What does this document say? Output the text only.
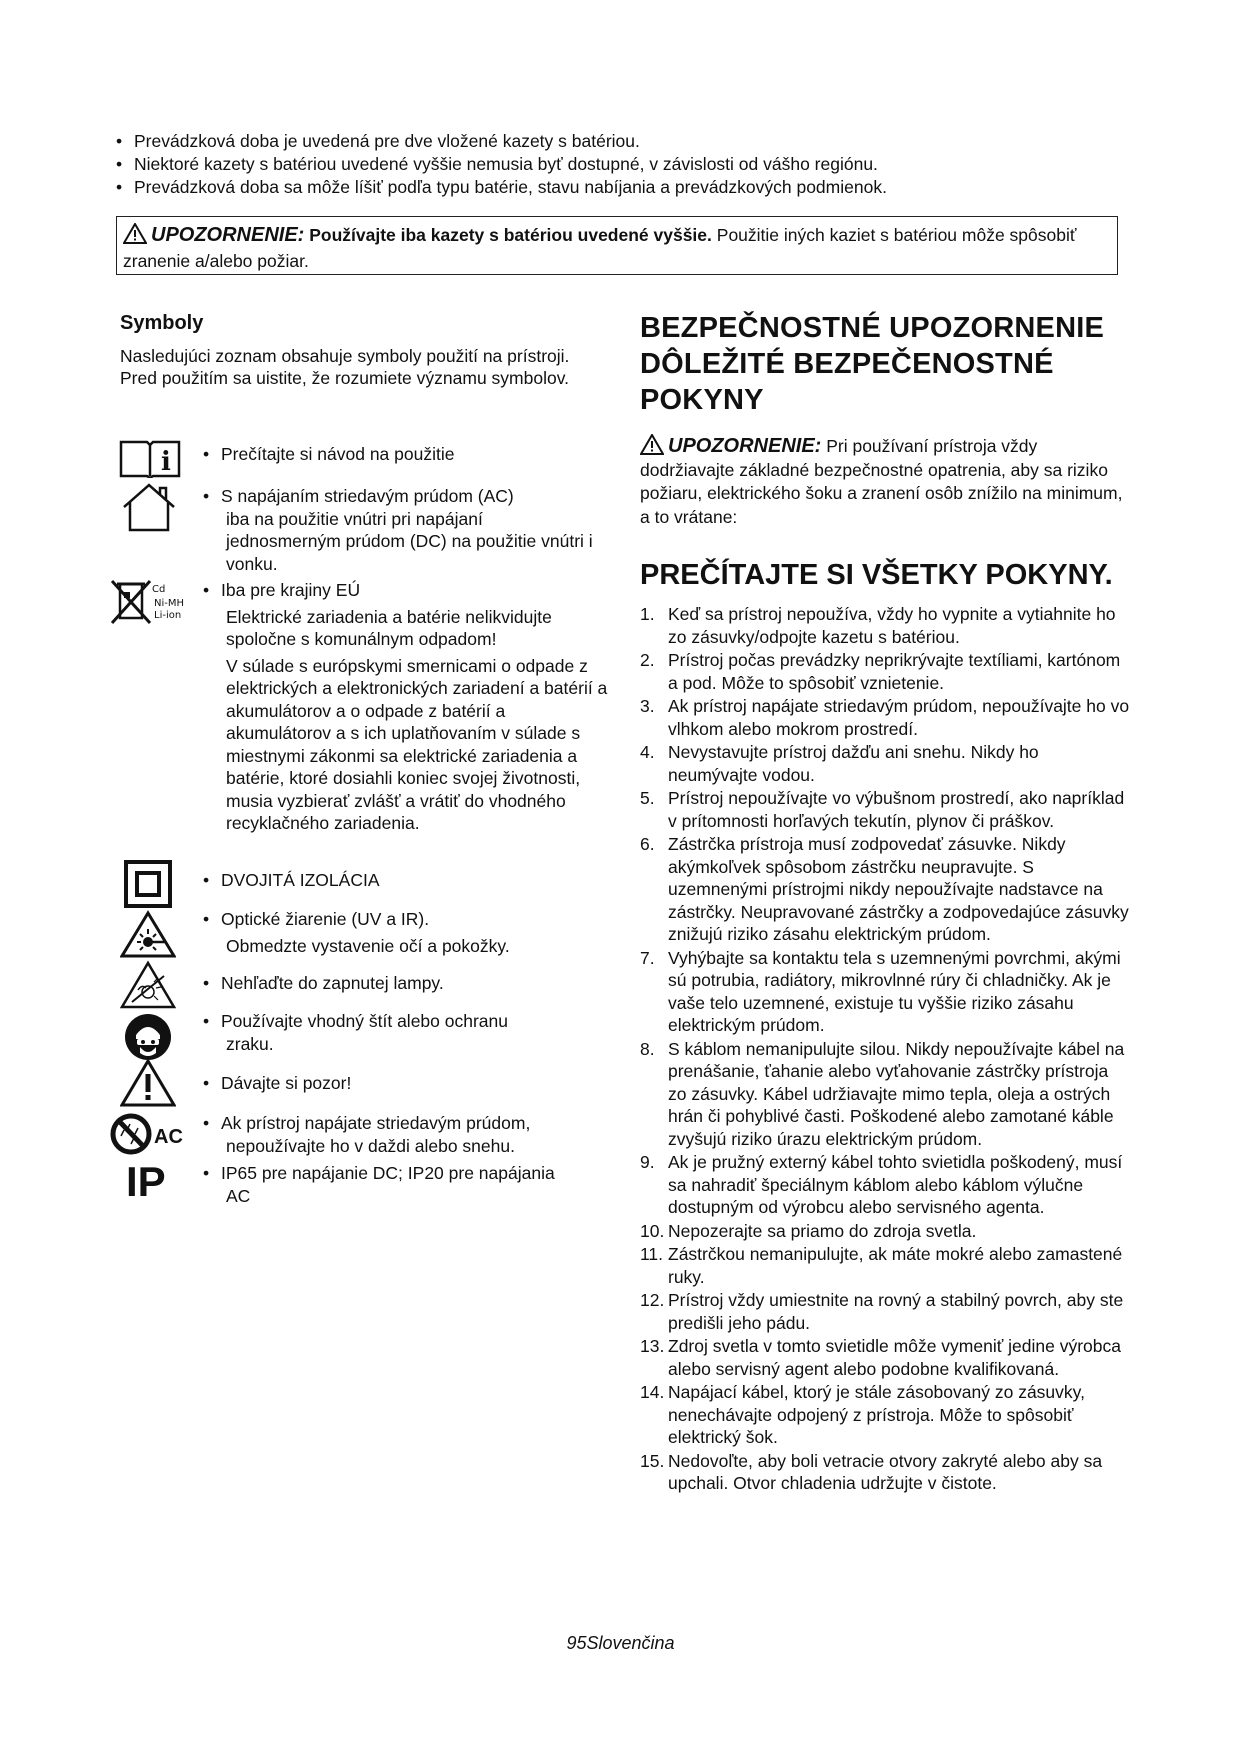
• Prevádzková doba je uvedená pre dve vložené kazety s batériou.
• Niektoré kazety s batériou uvedené vyššie nemusia byť dostupné, v závislosti od vášho regiónu.
• Prevádzková doba sa môže líšiť podľa typu batérie, stavu nabíjania a prevádzkových podmienok.
UPOZORNENIE: Používajte iba kazety s batériou uvedené vyššie. Použitie iných kaziet s batériou môže spôsobiť zranenie a/alebo požiar.
Symboly

Nasledujúci zoznam obsahuje symboly použití na prístroji. Pred použitím sa uistite, že rozumiete významu symbolov.

i
Cd
Ni-MH
Li-ion
AC
IP
• Prečítajte si návod na použitie
• S napájaním striedavým prúdom (AC)
iba na použitie vnútri pri napájaní jednosmerným prúdom (DC) na použitie vnútri i vonku.
• Iba pre krajiny EÚ
Elektrické zariadenia a batérie nelikvidujte spoločne s komunálnym odpadom!
V súlade s európskymi smernicami o odpade z elektrických a elektronických zariadení a batérií a akumulátorov a o odpade z batérií a akumulátorov a s ich uplatňovaním v súlade s miestnymi zákonmi sa elektrické zariadenia a batérie, ktoré dosiahli koniec svojej životnosti, musia vyzbierať zvlášť a vrátiť do vhodného recyklačného zariadenia.
• DVOJITÁ IZOLÁCIA
• Optické žiarenie (UV a IR).
Obmedzte vystavenie očí a pokožky.
• Nehľaďte do zapnutej lampy.
• Používajte vhodný štít alebo ochranu
zraku.
• Dávajte si pozor!
• Ak prístroj napájate striedavým prúdom,
nepoužívajte ho v daždi alebo snehu.
• IP65 pre napájanie DC; IP20 pre napájania
AC
BEZPEČNOSTNÉ UPOZORNENIE
DÔLEŽITÉ BEZPEČENOSTNÉ
POKYNY

UPOZORNENIE: Pri používaní prístroja vždy dodržiavajte základné bezpečnostné opatrenia, aby sa riziko požiaru, elektrického šoku a zranení osôb znížilo na minimum, a to vrátane:

PREČÍTAJTE SI VŠETKY POKYNY.
1. Keď sa prístroj nepoužíva, vždy ho vypnite a vytiahnite ho zo zásuvky/odpojte kazetu s batériou.
2. Prístroj počas prevádzky neprikrývajte textíliami, kartónom a pod. Môže to spôsobiť vznietenie.
3. Ak prístroj napájate striedavým prúdom, nepoužívajte ho vo vlhkom alebo mokrom prostredí.
4. Nevystavujte prístroj dažďu ani snehu. Nikdy ho neumývajte vodou.
5. Prístroj nepoužívajte vo výbušnom prostredí, ako napríklad v prítomnosti horľavých tekutín, plynov či práškov.
6. Zástrčka prístroja musí zodpovedať zásuvke. Nikdy akýmkoľvek spôsobom zástrčku neupravujte. S uzemnenými prístrojmi nikdy nepoužívajte nadstavce na zástrčky. Neupravované zástrčky a zodpovedajúce zásuvky znižujú riziko zásahu elektrickým prúdom.
7. Vyhýbajte sa kontaktu tela s uzemnenými povrchmi, akými sú potrubia, radiátory, mikrovlnné rúry či chladničky. Ak je vaše telo uzemnené, existuje tu vyššie riziko zásahu elektrickým prúdom.
8. S káblom nemanipulujte silou. Nikdy nepoužívajte kábel na prenášanie, ťahanie alebo vyťahovanie zástrčky prístroja zo zásuvky. Kábel udržiavajte mimo tepla, oleja a ostrých hrán či pohyblivé časti. Poškodené alebo zamotané káble zvyšujú riziko úrazu elektrickým prúdom.
9. Ak je pružný externý kábel tohto svietidla poškodený, musí sa nahradiť špeciálnym káblom alebo káblom výlučne dostupným od výrobcu alebo servisného agenta.
10. Nepozerajte sa priamo do zdroja svetla.
11. Zástrčkou nemanipulujte, ak máte mokré alebo zamastené ruky.
12. Prístroj vždy umiestnite na rovný a stabilný povrch, aby ste predišli jeho pádu.
13. Zdroj svetla v tomto svietidle môže vymeniť jedine výrobca alebo servisný agent alebo podobne kvalifikovaná.
14. Napájací kábel, ktorý je stále zásobovaný zo zásuvky, nenechávajte odpojený z prístroja. Môže to spôsobiť elektrický šok.
15. Nedovoľte, aby boli vetracie otvory zakryté alebo aby sa upchali. Otvor chladenia udržujte v čistote.
95Slovenčina
